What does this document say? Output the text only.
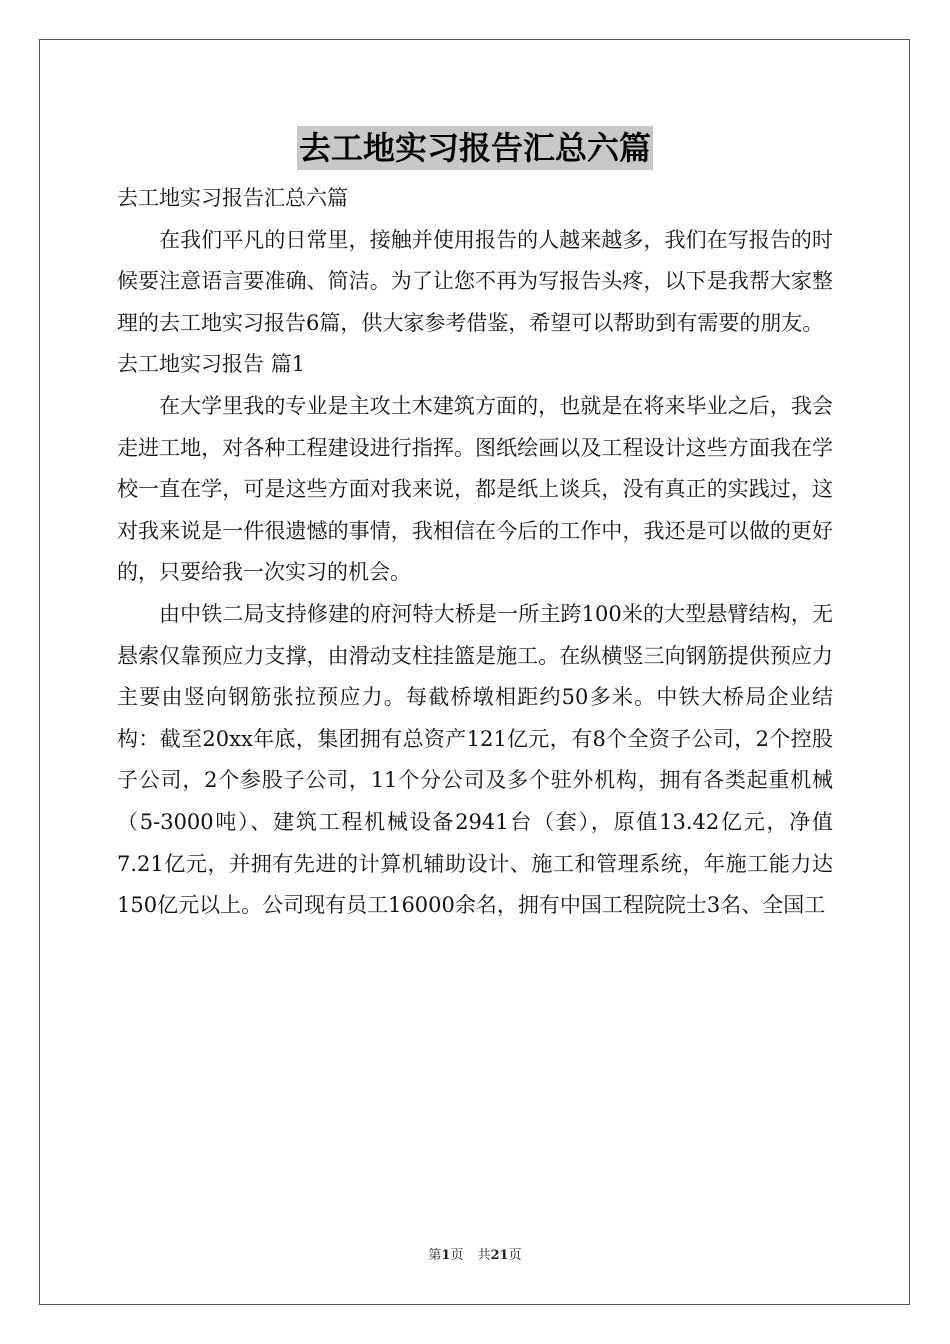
去工地实习报告汇总六篇

去工地实习报告汇总六篇

在我们平凡的日常里，接触并使用报告的人越来越多，我们在写报告的时候要注意语言要准确、简洁。为了让您不再为写报告头疼，以下是我帮大家整理的去工地实习报告6篇，供大家参考借鉴，希望可以帮助到有需要的朋友。

去工地实习报告 篇1

在大学里我的专业是主攻土木建筑方面的，也就是在将来毕业之后，我会走进工地，对各种工程建设进行指挥。图纸绘画以及工程设计这些方面我在学校一直在学，可是这些方面对我来说，都是纸上谈兵，没有真正的实践过，这对我来说是一件很遗憾的事情，我相信在今后的工作中，我还是可以做的更好的，只要给我一次实习的机会。

由中铁二局支持修建的府河特大桥是一所主跨100米的大型悬臂结构，无悬索仅靠预应力支撑，由滑动支柱挂篮是施工。在纵横竖三向钢筋提供预应力主要由竖向钢筋张拉预应力。每截桥墩相距约50多米。中铁大桥局企业结构：截至20xx年底，集团拥有总资产121亿元，有8个全资子公司，2个控股子公司，2个参股子公司，11个分公司及多个驻外机构，拥有各类起重机械（5-3000吨）、建筑工程机械设备2941台（套），原值13.42亿元，净值7.21亿元，并拥有先进的计算机辅助设计、施工和管理系统，年施工能力达150亿元以上。公司现有员工16000余名，拥有中国工程院院士3名、全国工

第1页 共21页
